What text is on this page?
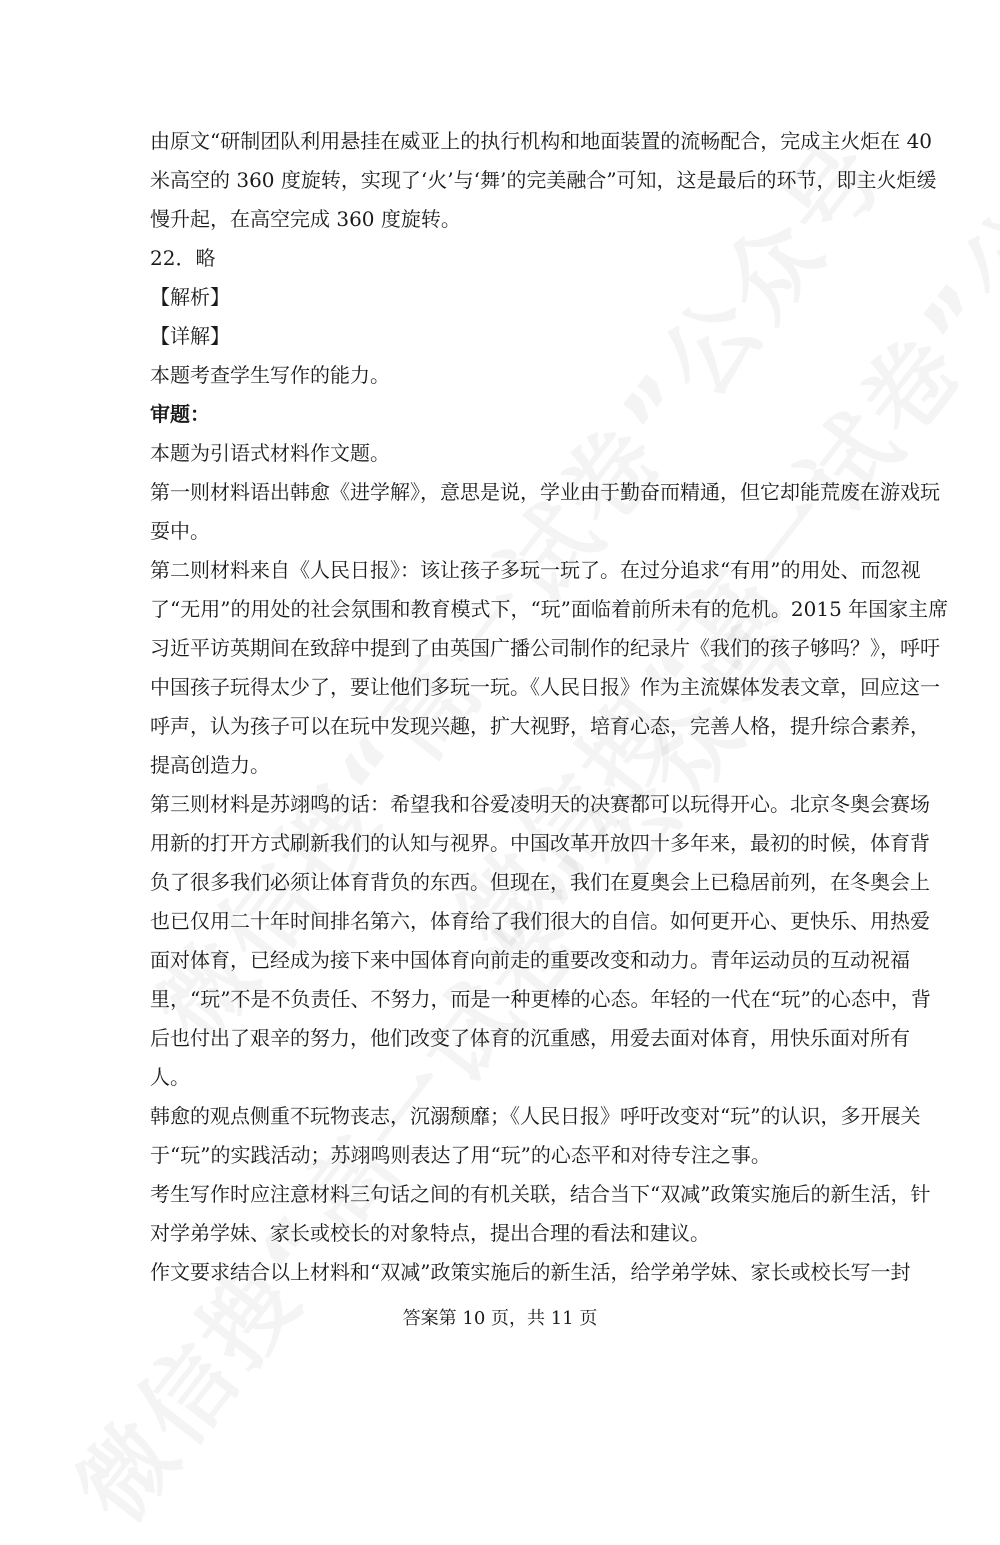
由原文“研制团队利用悬挂在威亚上的执行机构和地面装置的流畅配合，完成主火炬在 40
米高空的 360 度旋转，实现了‘火’与‘舞’的完美融合”可知，这是最后的环节，即主火炬缓
慢升起，在高空完成 360 度旋转。
22．略
【解析】
【详解】
本题考查学生写作的能力。
审题：
本题为引语式材料作文题。
第一则材料语出韩愈《进学解》，意思是说，学业由于勤奋而精通，但它却能荒废在游戏玩
耍中。
第二则材料来自《人民日报》：该让孩子多玩一玩了。在过分追求“有用”的用处、而忽视
了“无用”的用处的社会氛围和教育模式下，“玩”面临着前所未有的危机。2015 年国家主席
习近平访英期间在致辞中提到了由英国广播公司制作的纪录片《我们的孩子够吗？》，呼吁
中国孩子玩得太少了，要让他们多玩一玩。《人民日报》作为主流媒体发表文章，回应这一
呼声，认为孩子可以在玩中发现兴趣，扩大视野，培育心态，完善人格，提升综合素养，
提高创造力。
第三则材料是苏翊鸣的话：希望我和谷爱凌明天的决赛都可以玩得开心。北京冬奥会赛场
用新的打开方式刷新我们的认知与视界。中国改革开放四十多年来，最初的时候，体育背
负了很多我们必须让体育背负的东西。但现在，我们在夏奥会上已稳居前列，在冬奥会上
也已仅用二十年时间排名第六，体育给了我们很大的自信。如何更开心、更快乐、用热爱
面对体育，已经成为接下来中国体育向前走的重要改变和动力。青年运动员的互动祝福
里，“玩”不是不负责任、不努力，而是一种更棒的心态。年轻的一代在“玩”的心态中，背
后也付出了艰辛的努力，他们改变了体育的沉重感，用爱去面对体育，用快乐面对所有
人。
韩愈的观点侧重不玩物丧志，沉溺颓靡；《人民日报》呼吁改变对“玩”的认识，多开展关
于“玩”的实践活动；苏翊鸣则表达了用“玩”的心态平和对待专注之事。
考生写作时应注意材料三句话之间的有机关联，结合当下“双减”政策实施后的新生活，针
对学弟学妹、家长或校长的对象特点，提出合理的看法和建议。
作文要求结合以上材料和“双减”政策实施后的新生活，给学弟学妹、家长或校长写一封
答案第 10 页，共 11 页
